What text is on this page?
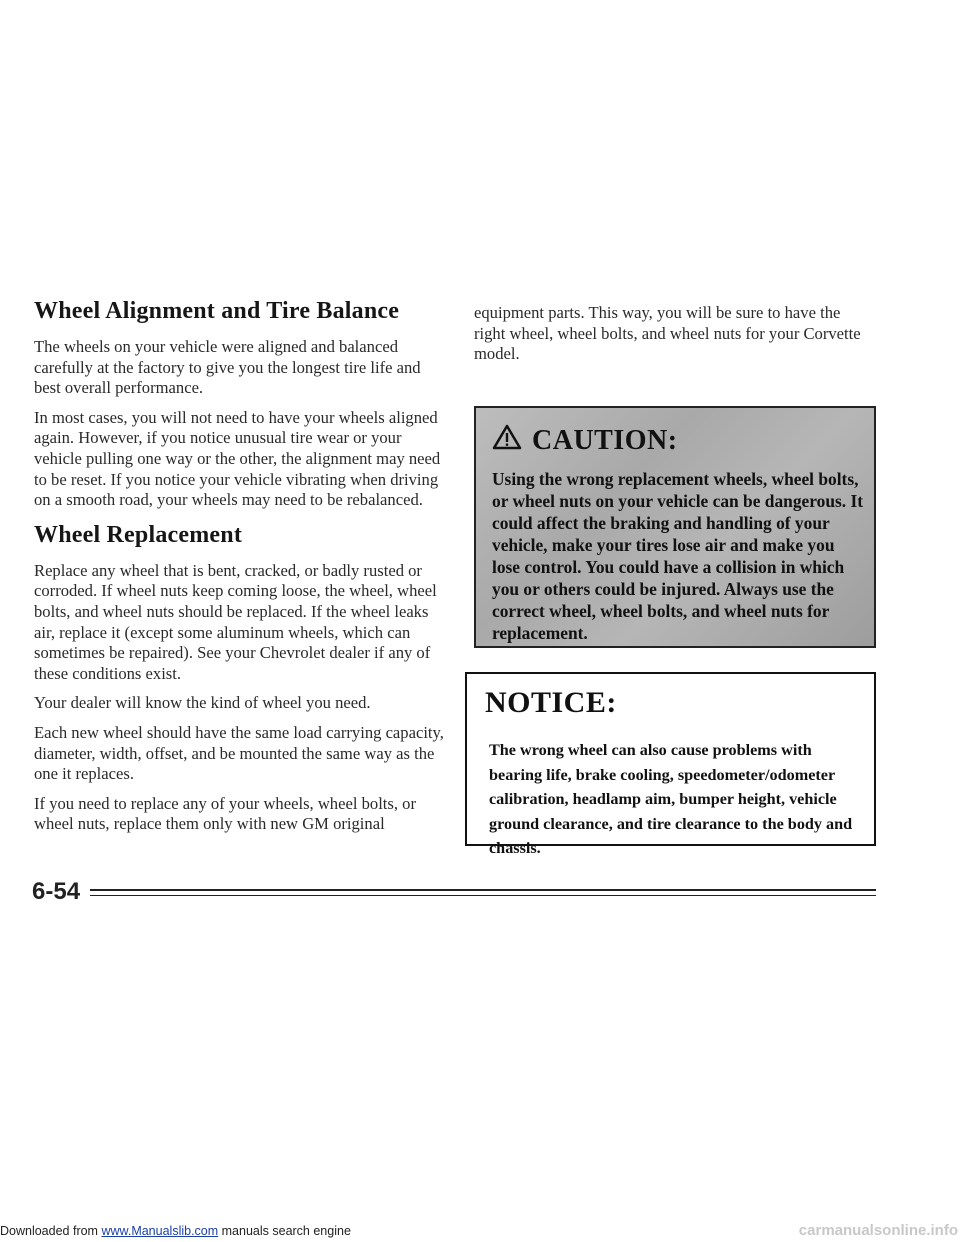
Wheel Alignment and Tire Balance

The wheels on your vehicle were aligned and balanced carefully at the factory to give you the longest tire life and best overall performance.

In most cases, you will not need to have your wheels aligned again. However, if you notice unusual tire wear or your vehicle pulling one way or the other, the alignment may need to be reset. If you notice your vehicle vibrating when driving on a smooth road, your wheels may need to be rebalanced.

Wheel Replacement

Replace any wheel that is bent, cracked, or badly rusted or corroded. If wheel nuts keep coming loose, the wheel, wheel bolts, and wheel nuts should be replaced. If the wheel leaks air, replace it (except some aluminum wheels, which can sometimes be repaired). See your Chevrolet dealer if any of these conditions exist.

Your dealer will know the kind of wheel you need.

Each new wheel should have the same load carrying capacity, diameter, width, offset, and be mounted the same way as the one it replaces.

If you need to replace any of your wheels, wheel bolts, or wheel nuts, replace them only with new GM original

equipment parts. This way, you will be sure to have the right wheel, wheel bolts, and wheel nuts for your Corvette model.

CAUTION:
Using the wrong replacement wheels, wheel bolts, or wheel nuts on your vehicle can be dangerous. It could affect the braking and handling of your vehicle, make your tires lose air and make you lose control. You could have a collision in which you or others could be injured. Always use the correct wheel, wheel bolts, and wheel nuts for replacement.
NOTICE:
The wrong wheel can also cause problems with bearing life, brake cooling, speedometer/odometer calibration, headlamp aim, bumper height, vehicle ground clearance, and tire clearance to the body and chassis.
6-54
Downloaded from www.Manualslib.com manuals search engine	carmanualsonline.info
